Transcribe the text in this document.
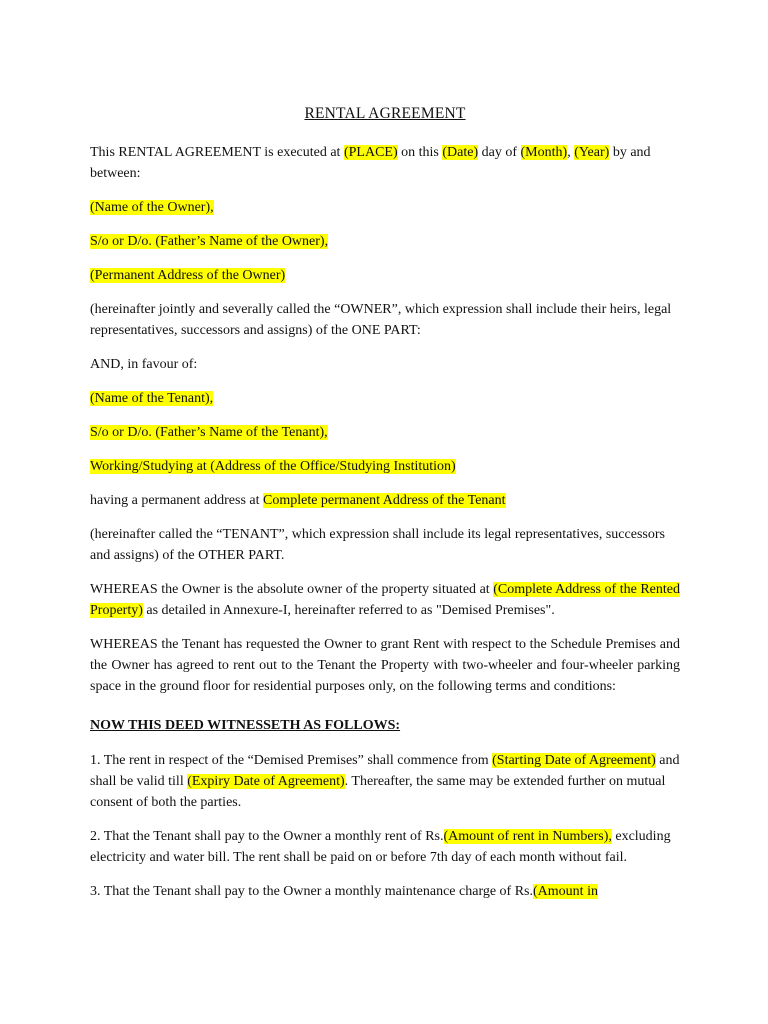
RENTAL AGREEMENT

This RENTAL AGREEMENT is executed at (PLACE) on this (Date) day of (Month), (Year) by and between:

(Name of the Owner),

S/o or D/o. (Father’s Name of the Owner),

(Permanent Address of the Owner)

(hereinafter jointly and severally called the “OWNER”, which expression shall include their heirs, legal representatives, successors and assigns) of the ONE PART:

AND, in favour of:

(Name of the Tenant),

S/o or D/o. (Father’s Name of the Tenant),

Working/Studying at (Address of the Office/Studying Institution)

having a permanent address at Complete permanent Address of the Tenant

(hereinafter called the “TENANT”, which expression shall include its legal representatives, successors and assigns) of the OTHER PART.

WHEREAS the Owner is the absolute owner of the property situated at (Complete Address of the Rented Property) as detailed in Annexure-I, hereinafter referred to as "Demised Premises".

WHEREAS the Tenant has requested the Owner to grant Rent with respect to the Schedule Premises and the Owner has agreed to rent out to the Tenant the Property with two-wheeler and four-wheeler parking space in the ground floor for residential purposes only, on the following terms and conditions:

NOW THIS DEED WITNESSETH AS FOLLOWS:

1. The rent in respect of the “Demised Premises” shall commence from (Starting Date of Agreement) and shall be valid till (Expiry Date of Agreement). Thereafter, the same may be extended further on mutual consent of both the parties.

2. That the Tenant shall pay to the Owner a monthly rent of Rs.(Amount of rent in Numbers), excluding electricity and water bill. The rent shall be paid on or before 7th day of each month without fail.

3. That the Tenant shall pay to the Owner a monthly maintenance charge of Rs.(Amount in
